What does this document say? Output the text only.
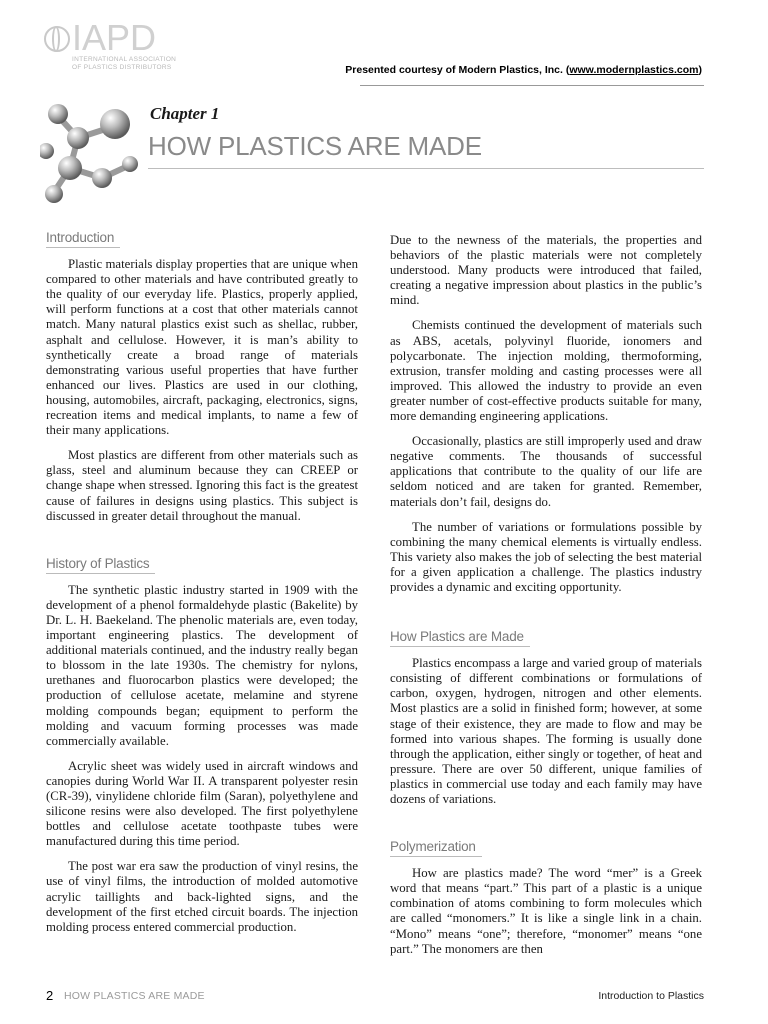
IAPD
INTERNATIONAL ASSOCIATION OF PLASTICS DISTRIBUTORS	Presented courtesy of Modern Plastics, Inc. (www.modernplastics.com)
Chapter 1
HOW PLASTICS ARE MADE
Introduction

Plastic materials display properties that are unique when compared to other materials and have contributed greatly to the quality of our everyday life. Plastics, properly applied, will perform functions at a cost that other materials cannot match. Many natural plastics exist such as shellac, rubber, asphalt and cellulose. However, it is man’s ability to synthetically create a broad range of materials demonstrating various useful properties that have further enhanced our lives. Plastics are used in our clothing, housing, automobiles, aircraft, packaging, electronics, signs, recreation items and medical implants, to name a few of their many applications.

Most plastics are different from other materials such as glass, steel and aluminum because they can CREEP or change shape when stressed. Ignoring this fact is the greatest cause of failures in designs using plastics. This subject is discussed in greater detail throughout the manual.

History of Plastics

The synthetic plastic industry started in 1909 with the development of a phenol formaldehyde plastic (Bakelite) by Dr. L. H. Baekeland. The phenolic materials are, even today, important engineering plastics. The development of additional materials continued, and the industry really began to blossom in the late 1930s. The chemistry for nylons, urethanes and fluorocarbon plastics were developed; the production of cellulose acetate, melamine and styrene molding compounds began; equipment to perform the molding and vacuum forming processes was made commercially available.

Acrylic sheet was widely used in aircraft windows and canopies during World War II. A transparent polyester resin (CR-39), vinylidene chloride film (Saran), polyethylene and silicone resins were also developed. The first polyethylene bottles and cellulose acetate toothpaste tubes were manufactured during this time period.

The post war era saw the production of vinyl resins, the use of vinyl films, the introduction of molded automotive acrylic taillights and back-lighted signs, and the development of the first etched circuit boards. The injection molding process entered commercial production.

Due to the newness of the materials, the properties and behaviors of the plastic materials were not completely understood. Many products were introduced that failed, creating a negative impression about plastics in the public’s mind.

Chemists continued the development of materials such as ABS, acetals, polyvinyl fluoride, ionomers and polycarbonate. The injection molding, thermoforming, extrusion, transfer molding and casting processes were all improved. This allowed the industry to provide an even greater number of cost-effective products suitable for many, more demanding engineering applications.

Occasionally, plastics are still improperly used and draw negative comments. The thousands of successful applications that contribute to the quality of our life are seldom noticed and are taken for granted. Remember, materials don’t fail, designs do.

The number of variations or formulations possible by combining the many chemical elements is virtually endless. This variety also makes the job of selecting the best material for a given application a challenge. The plastics industry provides a dynamic and exciting opportunity.

How Plastics are Made

Plastics encompass a large and varied group of materials consisting of different combinations or formulations of carbon, oxygen, hydrogen, nitrogen and other elements. Most plastics are a solid in finished form; however, at some stage of their existence, they are made to flow and may be formed into various shapes. The forming is usually done through the application, either singly or together, of heat and pressure. There are over 50 different, unique families of plastics in commercial use today and each family may have dozens of variations.

Polymerization

How are plastics made? The word “mer” is a Greek word that means “part.” This part of a plastic is a unique combination of atoms combining to form molecules which are called “monomers.” It is like a single link in a chain. “Mono” means “one”; therefore, “monomer” means “one part.” The monomers are then

2 HOW PLASTICS ARE MADE	Introduction to Plastics
